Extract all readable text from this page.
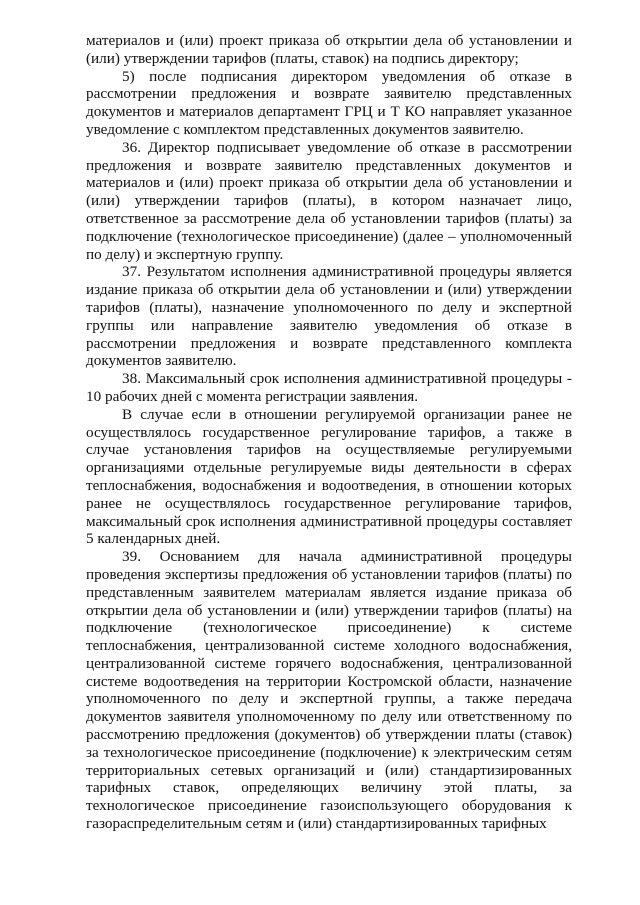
материалов и (или) проект приказа об открытии дела об установлении и (или) утверждении тарифов (платы, ставок) на подпись директору;

5) после подписания директором уведомления об отказе в рассмотрении предложения и возврате заявителю представленных документов и материалов департамент ГРЦ и Т КО направляет указанное уведомление с комплектом представленных документов заявителю.

36. Директор подписывает уведомление об отказе в рассмотрении предложения и возврате заявителю представленных документов и материалов и (или) проект приказа об открытии дела об установлении и (или) утверждении тарифов (платы), в котором назначает лицо, ответственное за рассмотрение дела об установлении тарифов (платы) за подключение (технологическое присоединение) (далее – уполномоченный по делу) и экспертную группу.

37. Результатом исполнения административной процедуры является издание приказа об открытии дела об установлении и (или) утверждении тарифов (платы), назначение уполномоченного по делу и экспертной группы или направление заявителю уведомления об отказе в рассмотрении предложения и возврате представленного комплекта документов заявителю.

38. Максимальный срок исполнения административной процедуры - 10 рабочих дней с момента регистрации заявления.

В случае если в отношении регулируемой организации ранее не осуществлялось государственное регулирование тарифов, а также в случае установления тарифов на осуществляемые регулируемыми организациями отдельные регулируемые виды деятельности в сферах теплоснабжения, водоснабжения и водоотведения, в отношении которых ранее не осуществлялось государственное регулирование тарифов, максимальный срок исполнения административной процедуры составляет 5 календарных дней.

39. Основанием для начала административной процедуры проведения экспертизы предложения об установлении тарифов (платы) по представленным заявителем материалам является издание приказа об открытии дела об установлении и (или) утверждении тарифов (платы) на подключение (технологическое присоединение) к системе теплоснабжения, централизованной системе холодного водоснабжения, централизованной системе горячего водоснабжения, централизованной системе водоотведения на территории Костромской области, назначение уполномоченного по делу и экспертной группы, а также передача документов заявителя уполномоченному по делу или ответственному по рассмотрению предложения (документов) об утверждении платы (ставок) за технологическое присоединение (подключение) к электрическим сетям территориальных сетевых организаций и (или) стандартизированных тарифных ставок, определяющих величину этой платы, за технологическое присоединение газоиспользующего оборудования к газораспределительным сетям и (или) стандартизированных тарифных
